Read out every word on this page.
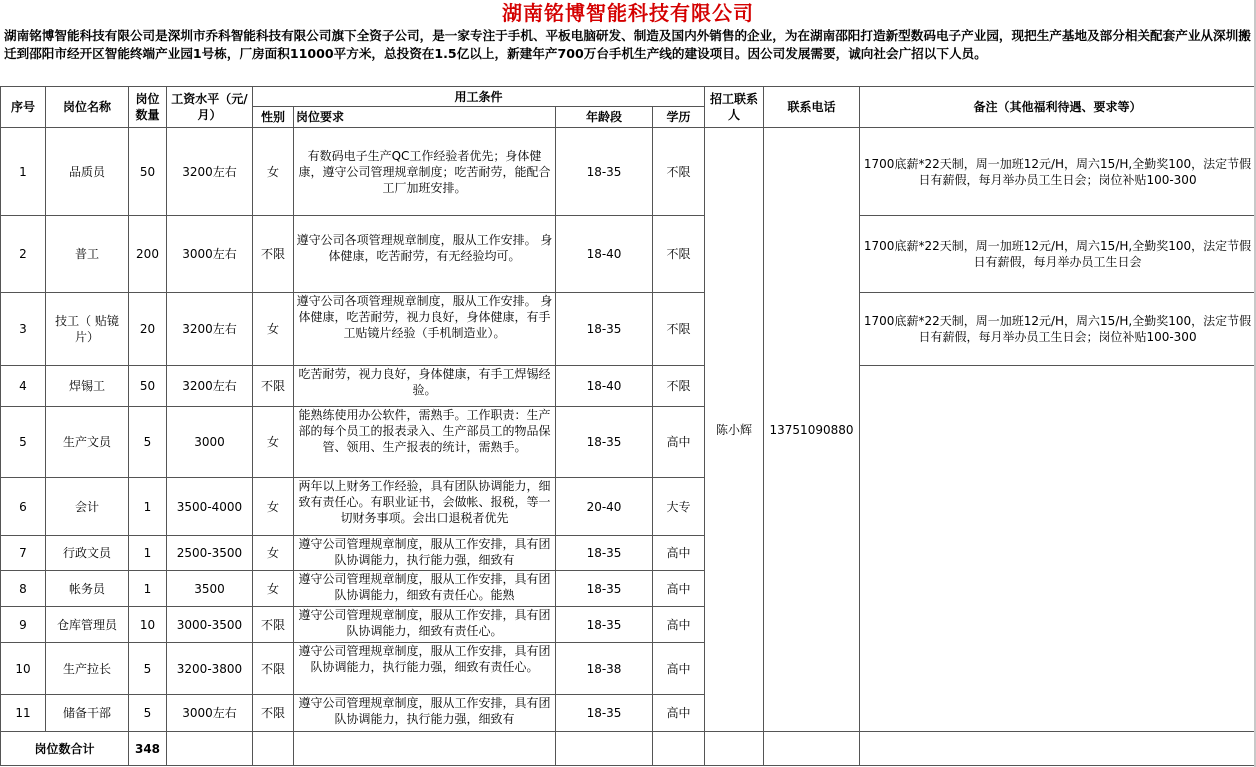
湖南铭博智能科技有限公司
湖南铭博智能科技有限公司是深圳市乔科智能科技有限公司旗下全资子公司，是一家专注于手机、平板电脑研发、制造及国内外销售的企业，为在湖南邵阳打造新型数码电子产业园，现把生产基地及部分相关配套产业从深圳搬迁到邵阳市经开区智能终端产业园1号栋，厂房面积11000平方米，总投资在1.5亿以上，新建年产700万台手机生产线的建设项目。因公司发展需要，诚向社会广招以下人员。
序号	岗位名称	岗位数量	工资水平（元/月）	用工条件				招工联系人	联系电话	备注（其他福利待遇、要求等）	
				性别	岗位要求	年龄段	学历				
1	品质员	50	3200左右	女	有数码电子生产QC工作经验者优先；身体健康，遵守公司管理规章制度；吃苦耐劳，能配合工厂加班安排。	18-35	不限	陈小辉	13751090880	1700底薪*22天制，周一加班12元/H，周六15/H,全勤奖100，法定节假日有薪假，每月举办员工生日会；岗位补贴100-300	
2	普工	200	3000左右	不限	遵守公司各项管理规章制度，服从工作安排。 身体健康，吃苦耐劳，有无经验均可。	18-40	不限			1700底薪*22天制，周一加班12元/H，周六15/H,全勤奖100，法定节假日有薪假，每月举办员工生日会	
3	技工（ 贴镜片）	20	3200左右	女	遵守公司各项管理规章制度，服从工作安排。 身体健康，吃苦耐劳，视力良好，身体健康，有手工贴镜片经验（手机制造业）。	18-35	不限			1700底薪*22天制，周一加班12元/H，周六15/H,全勤奖100，法定节假日有薪假，每月举办员工生日会；岗位补贴100-300	
4	焊锡工	50	3200左右	不限	吃苦耐劳，视力良好，身体健康，有手工焊锡经验。	18-40	不限				
5	生产文员	5	3000	女	能熟练使用办公软件，需熟手。工作职责：生产部的每个员工的报表录入、生产部员工的物品保管、领用、生产报表的统计，需熟手。	18-35	高中				
6	会计	1	3500-4000	女	两年以上财务工作经验，具有团队协调能力，细致有责任心。有职业证书，会做帐、报税，等一切财务事项。会出口退税者优先	20-40	大专				
7	行政文员	1	2500-3500	女	遵守公司管理规章制度，服从工作安排，具有团队协调能力，执行能力强，细致有	18-35	高中				
8	帐务员	1	3500	女	遵守公司管理规章制度，服从工作安排，具有团队协调能力，细致有责任心。能熟	18-35	高中				
9	仓库管理员	10	3000-3500	不限	遵守公司管理规章制度，服从工作安排，具有团队协调能力，细致有责任心。	18-35	高中				
10	生产拉长	5	3200-3800	不限	遵守公司管理规章制度，服从工作安排，具有团队协调能力，执行能力强，细致有责任心。	18-38	高中				
11	储备干部	5	3000左右	不限	遵守公司管理规章制度，服从工作安排，具有团队协调能力，执行能力强，细致有	18-35	高中				
岗位数合计		348									
